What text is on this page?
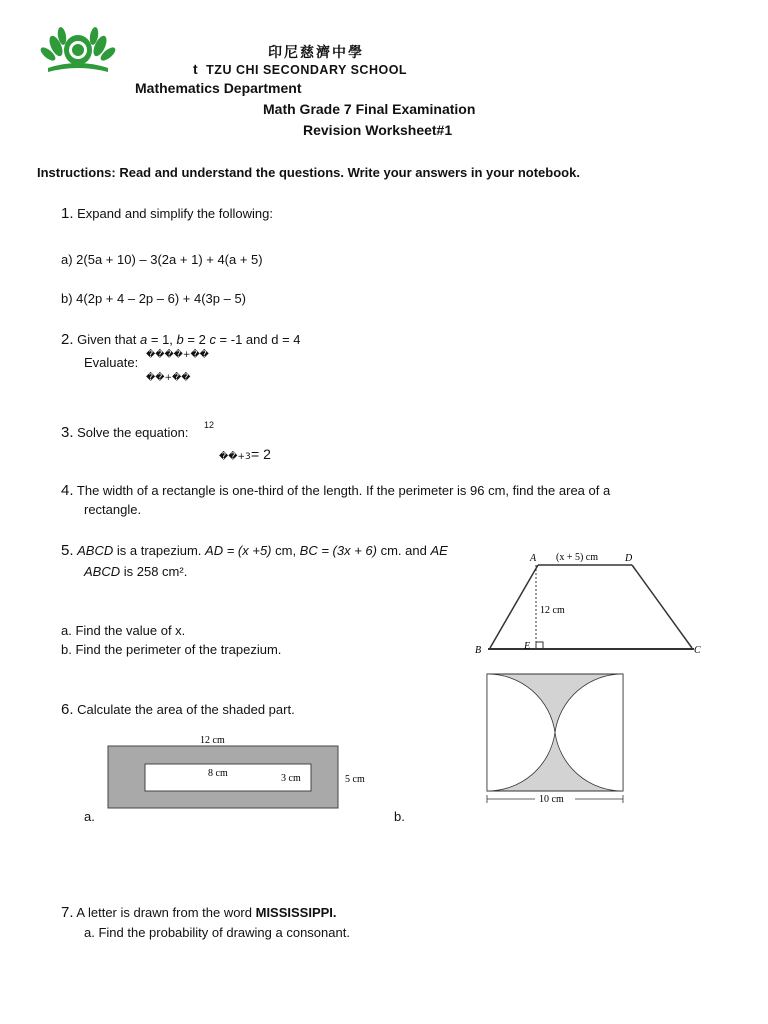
印尼慈濟中學
t TZU CHI SECONDARY SCHOOL
Mathematics Department
Math Grade 7 Final Examination
Revision Worksheet#1
Instructions: Read and understand the questions. Write your answers in your notebook.
1. Expand and simplify the following:
a) 2(5a + 10) – 3(2a + 1) + 4(a + 5)
b) 4(2p + 4 – 2p – 6) + 4(3p – 5)
2. Given that a = 1, b = 2 c = -1 and d = 4
Evaluate: ����+��
��+��
3. Solve the equation: 12
��+3 = 2
4. The width of a rectangle is one-third of the length. If the perimeter is 96 cm, find the area of a
rectangle.
5. ABCD is a trapezium. AD = (x +5) cm, BC = (3x + 6) cm. and AE
ABCD is 258 cm².
a. Find the value of x.
b. Find the perimeter of the trapezium.
A	D
B	C
E
(x + 5) cm
12 cm
6. Calculate the area of the shaded part.
12 cm
8 cm	3 cm	5 cm
a.	b.
10 cm
7. A letter is drawn from the word MISSISSIPPI.
a. Find the probability of drawing a consonant.
